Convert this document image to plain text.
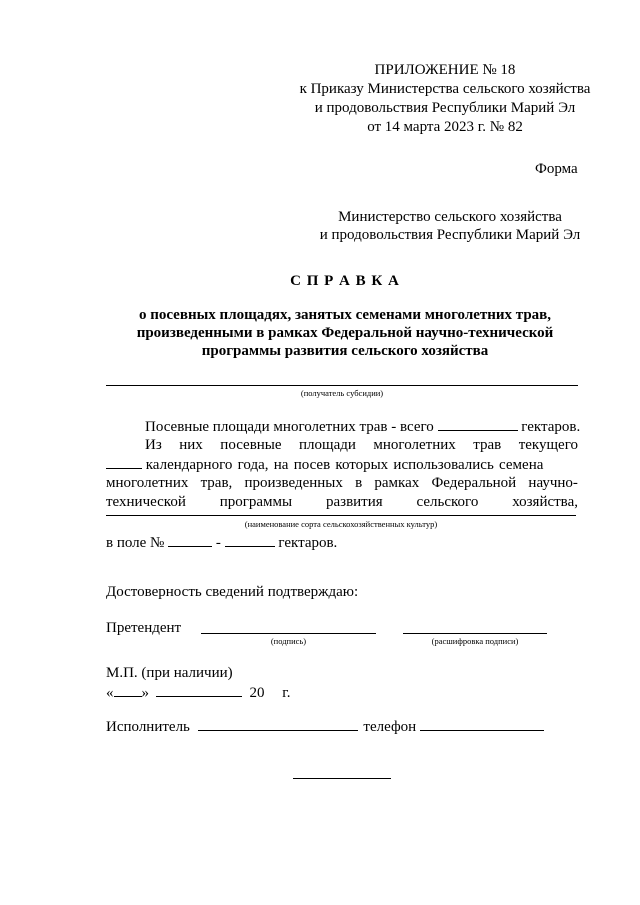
ПРИЛОЖЕНИЕ № 18
к Приказу Министерства сельского хозяйства
и продовольствия Республики Марий Эл
от 14 марта 2023 г. № 82
Форма
Министерство сельского хозяйства
и продовольствия Республики Марий Эл
С П Р А В К А
о посевных площадях, занятых семенами многолетних трав,
произведенными в рамках Федеральной научно-технической
программы развития сельского хозяйства
(получатель субсидии)
Посевные площади многолетних трав - всего	гектаров.
Из них посевные площади многолетних трав текущего
календарного года, на посев которых использовались семена
многолетних трав, произведенных в рамках Федеральной научно-
технической программы развития сельского хозяйства,
(наименование сорта сельскохозяйственных культур)
в поле №	-	гектаров.
Достоверность сведений подтверждаю:
Претендент
(подпись)	(расшифровка подписи)
М.П. (при наличии)
« »	20 г.
Исполнитель	телефон
